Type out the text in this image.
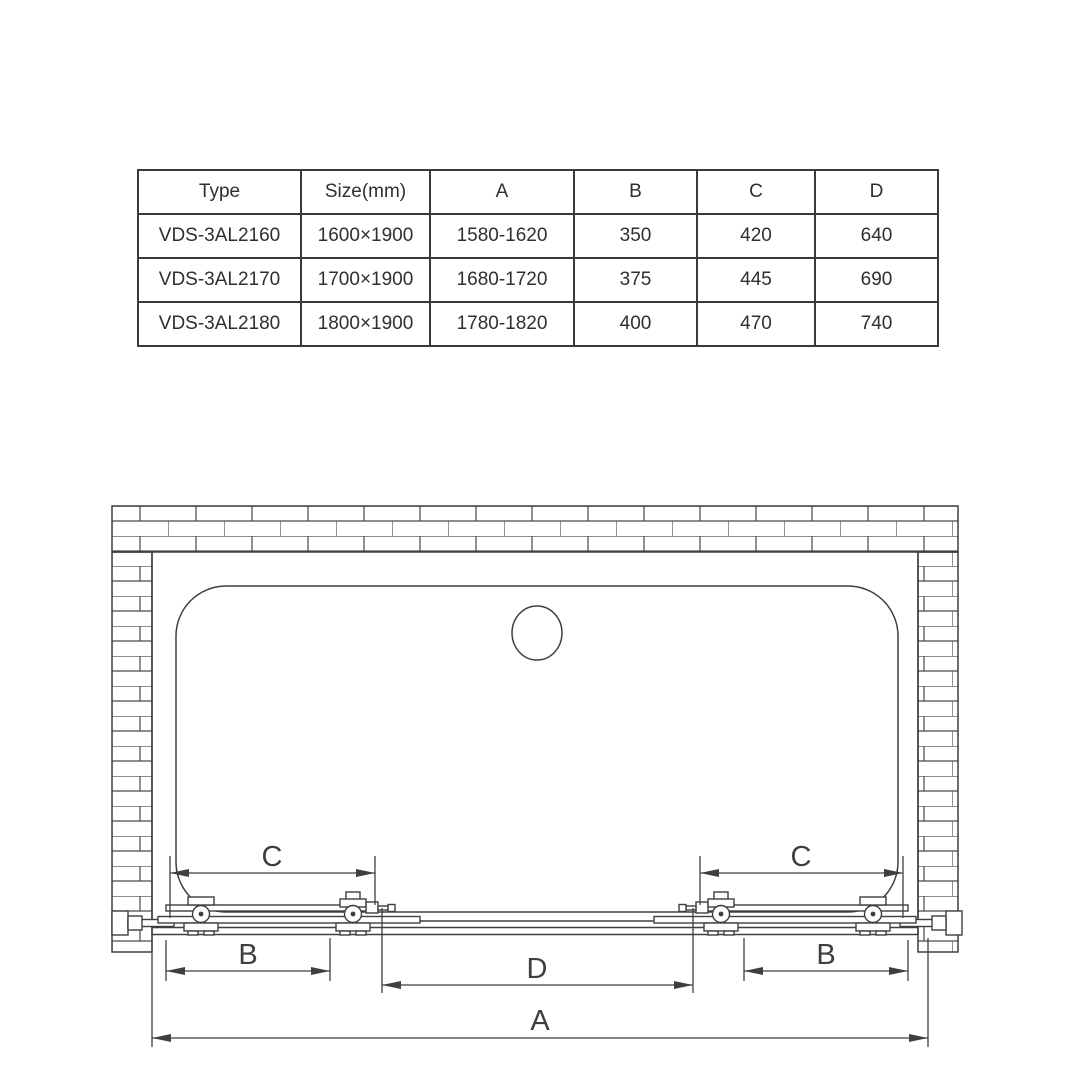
Type	Size(mm)	A	B	C	D
VDS-3AL2160	1600×1900	1580-1620	350	420	640
VDS-3AL2170	1700×1900	1680-1720	375	445	690
VDS-3AL2180	1800×1900	1780-1820	400	470	740
C	C
B	B
D
A
